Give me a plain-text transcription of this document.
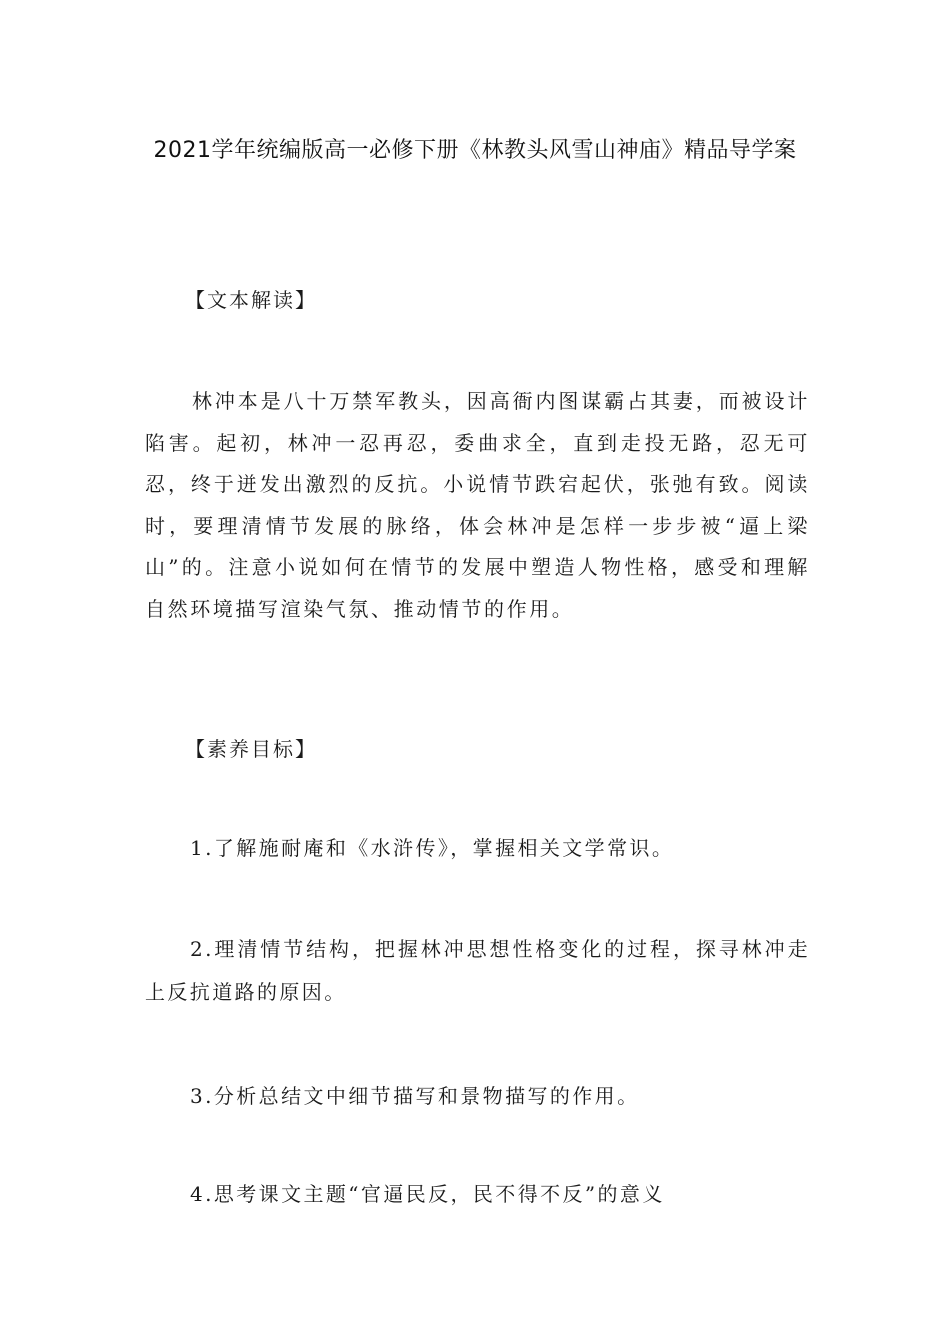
2021学年统编版高一必修下册《林教头风雪山神庙》精品导学案
【文本解读】
林冲本是八十万禁军教头，因高衙内图谋霸占其妻，而被设计陷害。起初，林冲一忍再忍，委曲求全，直到走投无路，忍无可忍，终于迸发出激烈的反抗。小说情节跌宕起伏，张弛有致。阅读时，要理清情节发展的脉络，体会林冲是怎样一步步被“逼上梁山”的。注意小说如何在情节的发展中塑造人物性格，感受和理解自然环境描写渲染气氛、推动情节的作用。
【素养目标】
1.了解施耐庵和《水浒传》，掌握相关文学常识。
2.理清情节结构，把握林冲思想性格变化的过程，探寻林冲走上反抗道路的原因。
3.分析总结文中细节描写和景物描写的作用。
4.思考课文主题“官逼民反，民不得不反”的意义
